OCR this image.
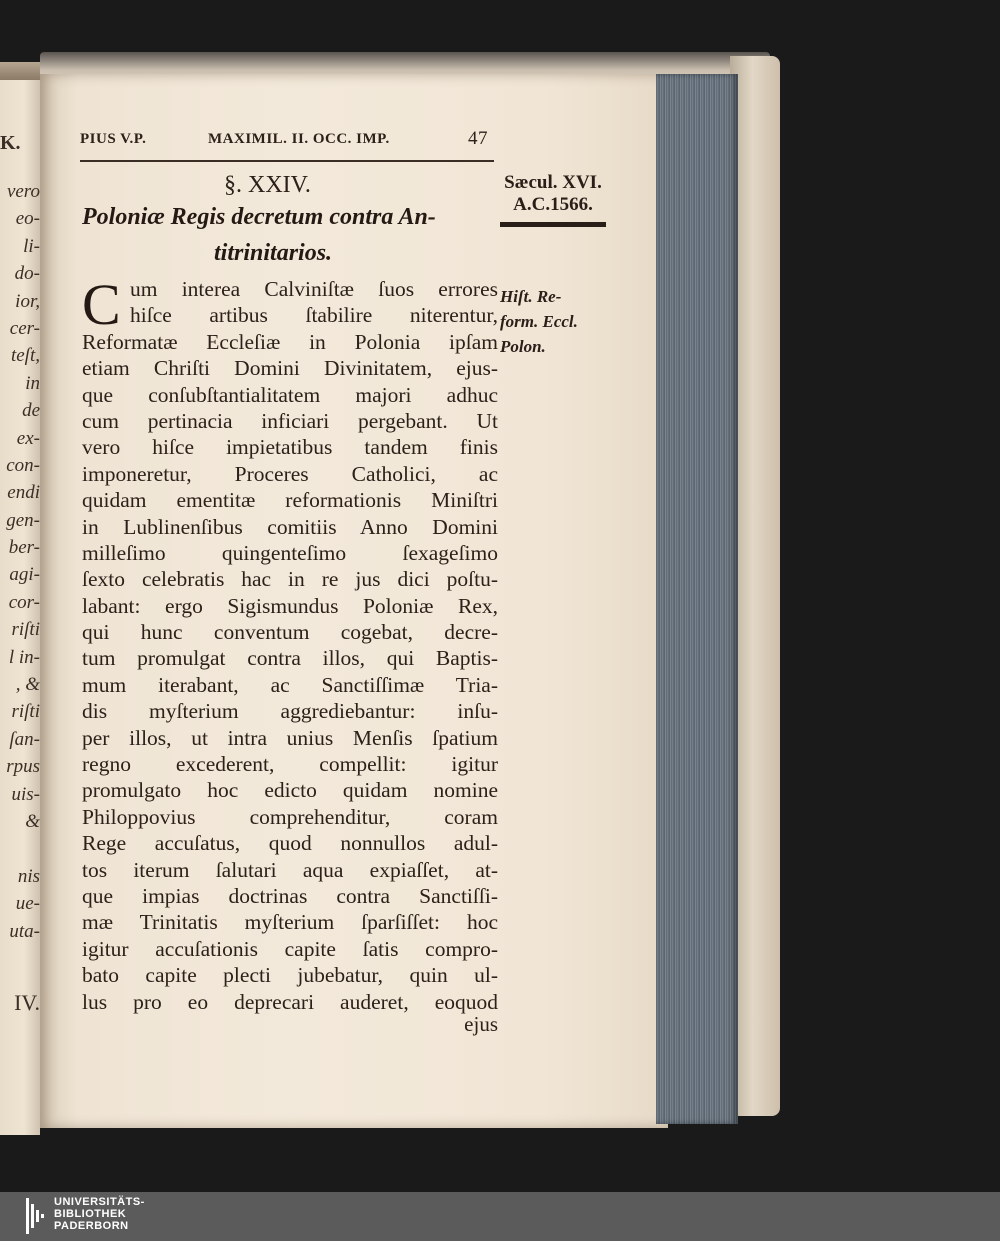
K.
vero
eo-
li-
do-
ior,
cer-
teſt,
in
de
ex-
con-
endi
gen-
ber-
agi-
cor-
riſti
l in-
, &
riſti
ſan-
rpus
uis-
&
nis
ue-
uta-
IV.
PIUS V.P.	MAXIMIL. II. OCC. IMP.	47
§. XXIV.
Poloniæ Regis decretum contra An-
titrinitarios.
Sæcul. XVI.
A.C.1566.
Hiſt. Re-
form. Eccl.
Polon.
C um interea Calviniſtæ ſuos errores
hiſce artibus ſtabilire niterentur,
Reformatæ Eccleſiæ in Polonia ipſam
etiam Chriſti Domini Divinitatem, ejus-
que conſubſtantialitatem majori adhuc
cum pertinacia inficiari pergebant. Ut
vero hiſce impietatibus tandem finis
imponeretur, Proceres Catholici, ac
quidam ementitæ reformationis Miniſtri
in Lublinenſibus comitiis Anno Domini
milleſimo quingenteſimo ſexageſimo
ſexto celebratis hac in re jus dici poſtu-
labant: ergo Sigismundus Poloniæ Rex,
qui hunc conventum cogebat, decre-
tum promulgat contra illos, qui Baptis-
mum iterabant, ac Sanctiſſimæ Tria-
dis myſterium aggrediebantur: inſu-
per illos, ut intra unius Menſis ſpatium
regno excederent, compellit: igitur
promulgato hoc edicto quidam nomine
Philoppovius comprehenditur, coram
Rege accuſatus, quod nonnullos adul-
tos iterum ſalutari aqua expiaſſet, at-
que impias doctrinas contra Sanctiſſi-
mæ Trinitatis myſterium ſparſiſſet: hoc
igitur accuſationis capite ſatis compro-
bato capite plecti jubebatur, quin ul-
lus pro eo deprecari auderet, eoquod
ejus
UNIVERSITÄTS-
BIBLIOTHEK
PADERBORN
